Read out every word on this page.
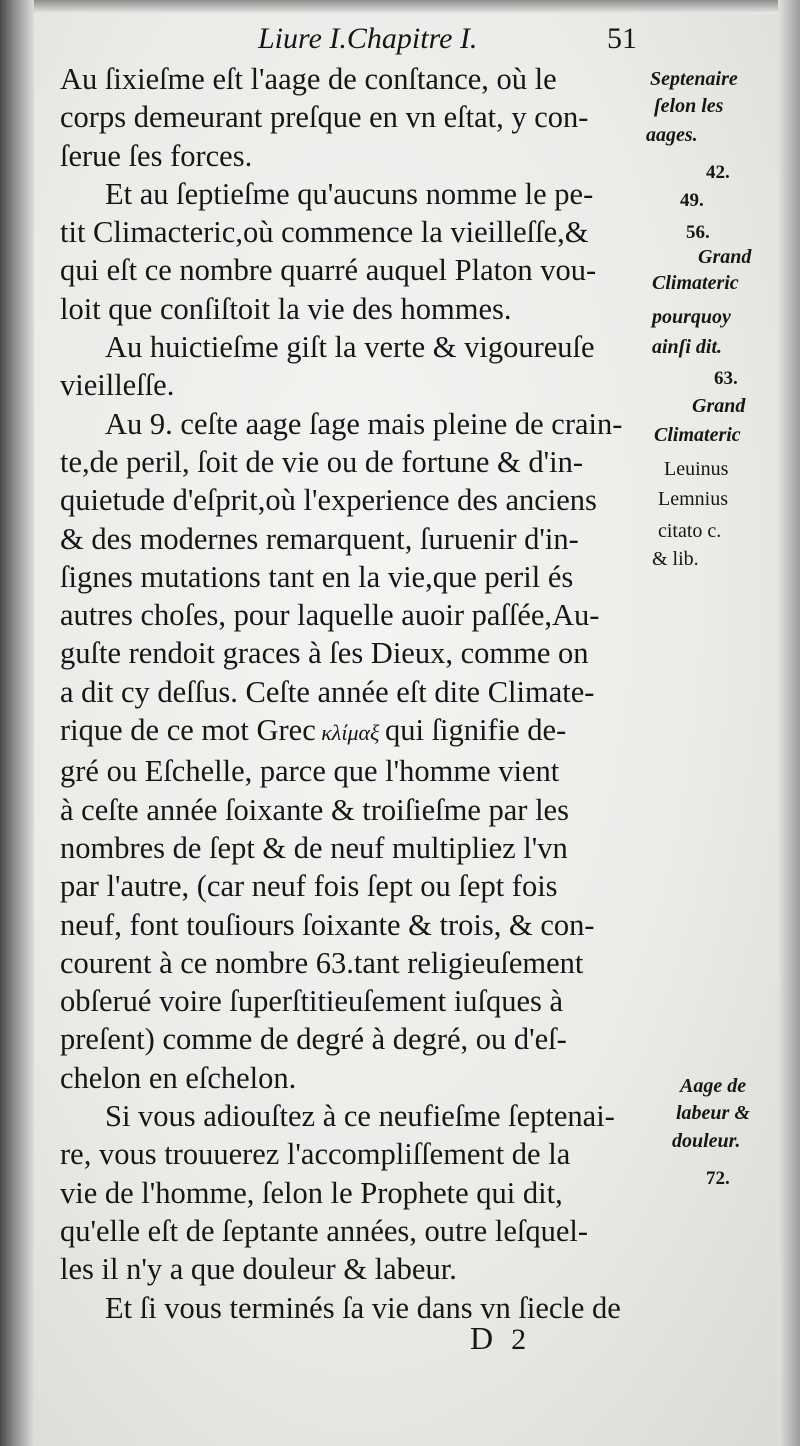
Liure I.Chapitre I.	51

Au ſixieſme eſt l'aage de conſtance, où le
corps demeurant preſque en vn eſtat, y con-
ſerue ſes forces.

Et au ſeptieſme qu'aucuns nomme le pe-
tit Climacteric,où commence la vieilleſſe,&
qui eſt ce nombre quarré auquel Platon vou-
loit que conſiſtoit la vie des hommes.

Au huictieſme giſt la verte & vigoureuſe
vieilleſſe.

Au 9. ceſte aage ſage mais pleine de crain-
te,de peril, ſoit de vie ou de fortune & d'in-
quietude d'eſprit,où l'experience des anciens
& des modernes remarquent, ſuruenir d'in-
ſignes mutations tant en la vie,que peril és
autres choſes, pour laquelle auoir paſſée,Au-
guſte rendoit graces à ſes Dieux, comme on
a dit cy deſſus. Ceſte année eſt dite Climate-
rique de ce mot Grec κλίμαξ qui ſignifie de-
gré ou Eſchelle, parce que l'homme vient
à ceſte année ſoixante & troiſieſme par les
nombres de ſept & de neuf multipliez l'vn
par l'autre, (car neuf fois ſept ou ſept fois
neuf, font touſiours ſoixante & trois, & con-
courent à ce nombre 63.tant religieuſement
obſerué voire ſuperſtitieuſement iuſques à
preſent) comme de degré à degré, ou d'eſ-
chelon en eſchelon.

Si vous adiouſtez à ce neufieſme ſeptenai-
re, vous trouuerez l'accompliſſement de la
vie de l'homme, ſelon le Prophete qui dit,
qu'elle eſt de ſeptante années, outre leſquel-
les il n'y a que douleur & labeur.

Et ſi vous terminés ſa vie dans vn ſiecle de

Septenaire
ſelon les
aages.
42.
49.
56.
Grand
Climateric
pourquoy
ainſi dit.
63.
Grand
Climateric
Leuinus
Lemnius
citato c.
& lib.
Aage de
labeur &
douleur.
72.
D 2
